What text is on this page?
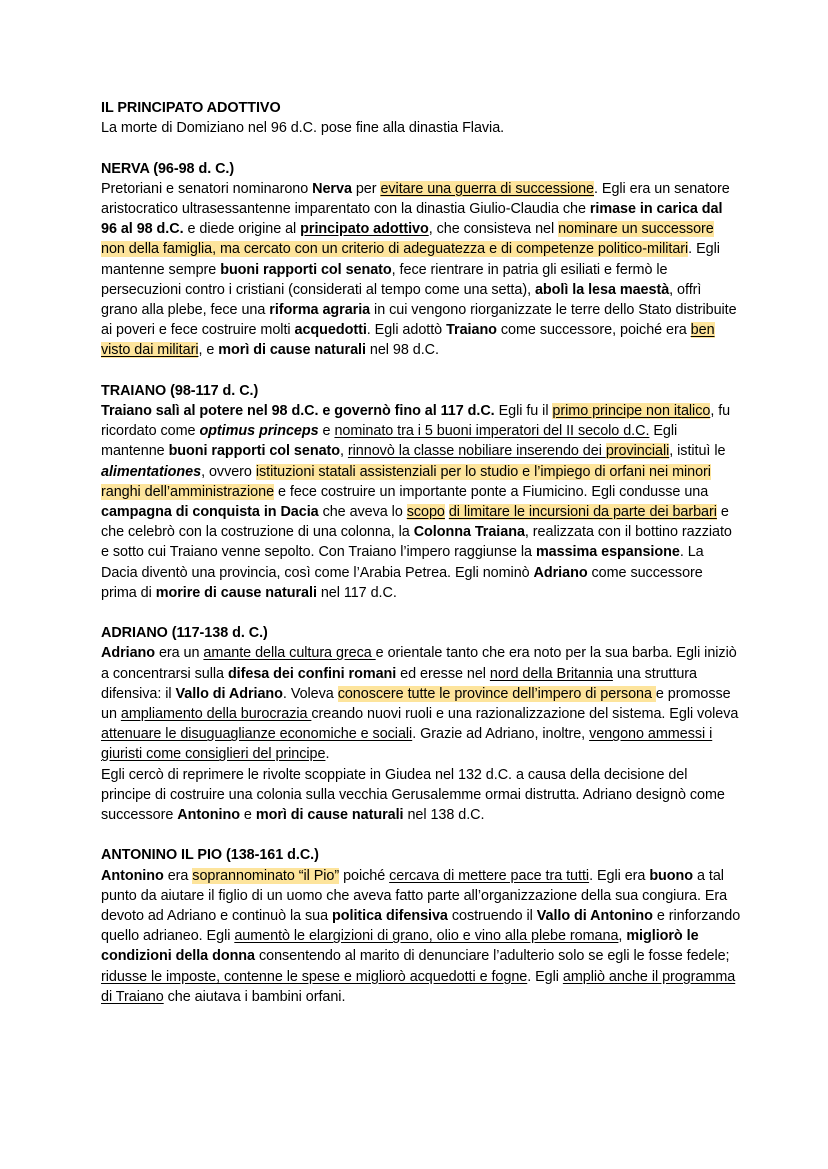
IL PRINCIPATO ADOTTIVO
La morte di Domiziano nel 96 d.C. pose fine alla dinastia Flavia.
NERVA (96-98 d. C.)
Pretoriani e senatori nominarono Nerva per evitare una guerra di successione. Egli era un senatore aristocratico ultrasessantenne imparentato con la dinastia Giulio-Claudia che rimase in carica dal 96 al 98 d.C. e diede origine al principato adottivo, che consisteva nel nominare un successore non della famiglia, ma cercato con un criterio di adeguatezza e di competenze politico-militari. Egli mantenne sempre buoni rapporti col senato, fece rientrare in patria gli esiliati e fermò le persecuzioni contro i cristiani (considerati al tempo come una setta), abolì la lesa maestà, offrì grano alla plebe, fece una riforma agraria in cui vengono riorganizzate le terre dello Stato distribuite ai poveri e fece costruire molti acquedotti. Egli adottò Traiano come successore, poiché era ben visto dai militari, e morì di cause naturali nel 98 d.C.
TRAIANO (98-117 d. C.)
Traiano salì al potere nel 98 d.C. e governò fino al 117 d.C. Egli fu il primo principe non italico, fu ricordato come optimus princeps e nominato tra i 5 buoni imperatori del II secolo d.C. Egli mantenne buoni rapporti col senato, rinnovò la classe nobiliare inserendo dei provinciali, istituì le alimentationes, ovvero istituzioni statali assistenziali per lo studio e l’impiego di orfani nei minori ranghi dell’amministrazione e fece costruire un importante ponte a Fiumicino. Egli condusse una campagna di conquista in Dacia che aveva lo scopo di limitare le incursioni da parte dei barbari e che celebrò con la costruzione di una colonna, la Colonna Traiana, realizzata con il bottino razziato e sotto cui Traiano venne sepolto. Con Traiano l’impero raggiunse la massima espansione. La Dacia diventò una provincia, così come l’Arabia Petrea. Egli nominò Adriano come successore prima di morire di cause naturali nel 117 d.C.
ADRIANO (117-138 d. C.)
Adriano era un amante della cultura greca e orientale tanto che era noto per la sua barba. Egli iniziò a concentrarsi sulla difesa dei confini romani ed eresse nel nord della Britannia una struttura difensiva: il Vallo di Adriano. Voleva conoscere tutte le province dell’impero di persona e promosse un ampliamento della burocrazia creando nuovi ruoli e una razionalizzazione del sistema. Egli voleva attenuare le disuguaglianze economiche e sociali. Grazie ad Adriano, inoltre, vengono ammessi i giuristi come consiglieri del principe.
Egli cercò di reprimere le rivolte scoppiate in Giudea nel 132 d.C. a causa della decisione del principe di costruire una colonia sulla vecchia Gerusalemme ormai distrutta. Adriano designò come successore Antonino e morì di cause naturali nel 138 d.C.
ANTONINO IL PIO (138-161 d.C.)
Antonino era soprannominato “il Pio” poiché cercava di mettere pace tra tutti. Egli era buono a tal punto da aiutare il figlio di un uomo che aveva fatto parte all’organizzazione della sua congiura. Era devoto ad Adriano e continuò la sua politica difensiva costruendo il Vallo di Antonino e rinforzando quello adrianeo. Egli aumentò le elargizioni di grano, olio e vino alla plebe romana, migliorò le condizioni della donna consentendo al marito di denunciare l’adulterio solo se egli le fosse fedele; ridusse le imposte, contenne le spese e migliorò acquedotti e fogne. Egli ampliò anche il programma di Traiano che aiutava i bambini orfani.
